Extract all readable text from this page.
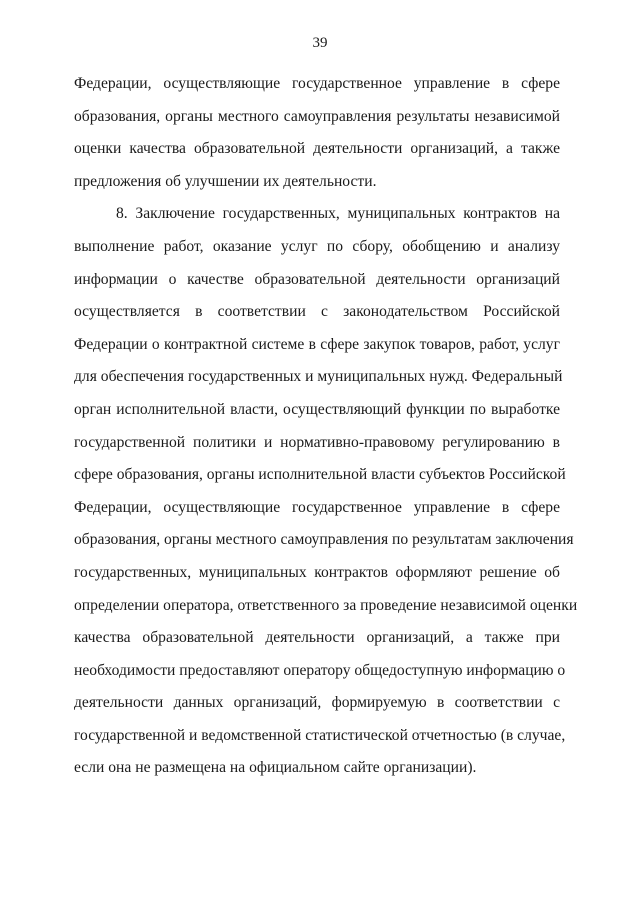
39
Федерации, осуществляющие государственное управление в сфере
образования, органы местного самоуправления результаты независимой
оценки качества образовательной деятельности организаций, а также
предложения об улучшении их деятельности.
8. Заключение государственных, муниципальных контрактов на
выполнение работ, оказание услуг по сбору, обобщению и анализу
информации о качестве образовательной деятельности организаций
осуществляется в соответствии с законодательством Российской
Федерации о контрактной системе в сфере закупок товаров, работ, услуг
для обеспечения государственных и муниципальных нужд. Федеральный
орган исполнительной власти, осуществляющий функции по выработке
государственной политики и нормативно-правовому регулированию в
сфере образования, органы исполнительной власти субъектов Российской
Федерации, осуществляющие государственное управление в сфере
образования, органы местного самоуправления по результатам заключения
государственных, муниципальных контрактов оформляют решение об
определении оператора, ответственного за проведение независимой оценки
качества образовательной деятельности организаций, а также при
необходимости предоставляют оператору общедоступную информацию о
деятельности данных организаций, формируемую в соответствии с
государственной и ведомственной статистической отчетностью (в случае,
если она не размещена на официальном сайте организации).
